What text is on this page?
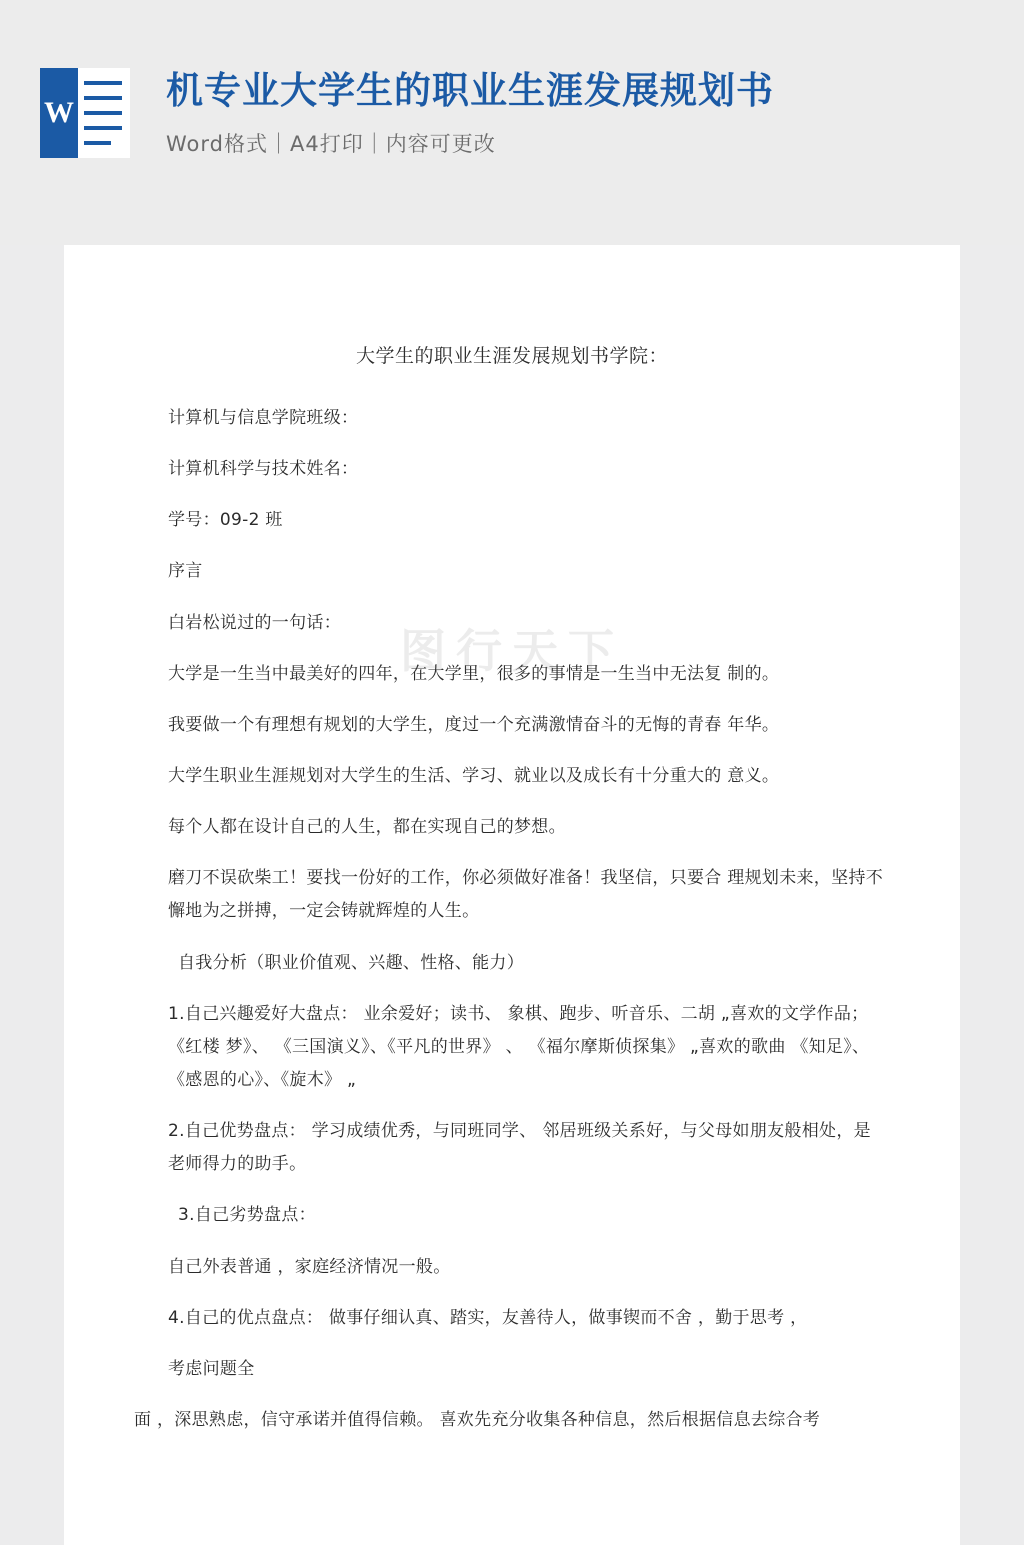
W
机专业大学生的职业生涯发展规划书
Word格式｜A4打印｜内容可更改
图行天下
大学生的职业生涯发展规划书学院：

计算机与信息学院班级：

计算机科学与技术姓名：

学号：09-2 班

序言

白岩松说过的一句话：

大学是一生当中最美好的四年，在大学里，很多的事情是一生当中无法复 制的。

我要做一个有理想有规划的大学生，度过一个充满激情奋斗的无悔的青春 年华。

大学生职业生涯规划对大学生的生活、学习、就业以及成长有十分重大的 意义。

每个人都在设计自己的人生，都在实现自己的梦想。

磨刀不误砍柴工！要找一份好的工作，你必须做好准备！我坚信，只要合 理规划未来，坚持不懈地为之拼搏，一定会铸就辉煌的人生。

自我分析（职业价值观、兴趣、性格、能力）

1.自己兴趣爱好大盘点： 业余爱好；读书、 象棋、跑步、听音乐、二胡 „喜欢的文学作品；《红楼 梦》、 《三国演义》、《平凡的世界》 、 《福尔摩斯侦探集》 „喜欢的歌曲 《知足》、 《感恩的心》、《旋木》 „

2.自己优势盘点： 学习成绩优秀，与同班同学、 邻居班级关系好，与父母如朋友般相处，是 老师得力的助手。

3.自己劣势盘点：

自己外表普通 ，家庭经济情况一般。

4.自己的优点盘点： 做事仔细认真、踏实，友善待人，做事锲而不舍 ，勤于思考 ，

考虑问题全

面 ，深思熟虑，信守承诺并值得信赖。 喜欢先充分收集各种信息，然后根据信息去综合考
